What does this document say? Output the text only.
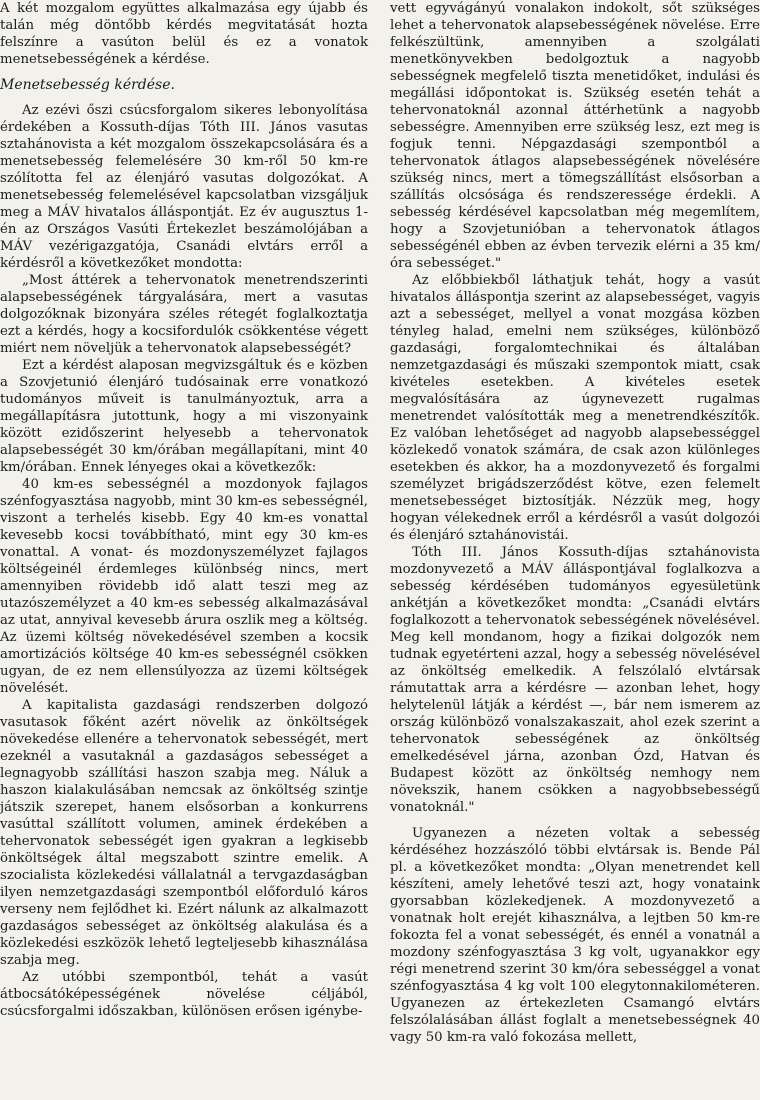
A két mozgalom együttes alkalmazása egy újabb és talán még döntőbb kérdés megvitatását hozta felszínre a vasúton belül és ez a vonatok menetsebességének a kérdése.

Menetsebesség kérdése.

Az ezévi őszi csúcsforgalom sikeres lebonyolítása érdekében a Kossuth-díjas Tóth III. János vasutas sztahánovista a két mozgalom összekapcsolására és a menetsebesség felemelésére 30 km-ről 50 km-re szólította fel az élenjáró vasutas dolgozókat. A menetsebesség felemelésével kapcsolatban vizsgáljuk meg a MÁV hivatalos álláspontját. Ez év augusztus 1-én az Országos Vasúti Értekezlet beszámolójában a MÁV vezérigazgatója, Csanádi elvtárs erről a kérdésről a következőket mondotta:

„Most áttérek a tehervonatok menetrendszerinti alapsebességének tárgyalására, mert a vasutas dolgozóknak bizonyára széles rétegét foglalkoztatja ezt a kérdés, hogy a kocsifordulók csökkentése végett miért nem növeljük a tehervonatok alapsebességét?

Ezt a kérdést alaposan megvizsgáltuk és e közben a Szovjetunió élenjáró tudósainak erre vonatkozó tudományos műveit is tanulmányoztuk, arra a megállapításra jutottunk, hogy a mi viszonyaink között ezidőszerint helyesebb a tehervonatok alapsebességét 30 km/órában megállapítani, mint 40 km/órában. Ennek lényeges okai a következők:

40 km-es sebességnél a mozdonyok fajlagos szénfogyasztása nagyobb, mint 30 km-es sebességnél, viszont a terhelés kisebb. Egy 40 km-es vonattal kevesebb kocsi továbbítható, mint egy 30 km-es vonattal. A vonat- és mozdonyszemélyzet fajlagos költségeinél érdemleges különbség nincs, mert amennyiben rövidebb idő alatt teszi meg az utazószemélyzet a 40 km-es sebesség alkalmazásával az utat, annyival kevesebb árura oszlik meg a költség. Az üzemi költség növekedésével szemben a kocsik amortizációs költsége 40 km-es sebességnél csökken ugyan, de ez nem ellensúlyozza az üzemi költségek növelését.

A kapitalista gazdasági rendszerben dolgozó vasutasok főként azért növelik az önköltségek növekedése ellenére a tehervonatok sebességét, mert ezeknél a vasutaknál a gazdaságos sebességet a legnagyobb szállítási haszon szabja meg. Náluk a haszon kialakulásában nemcsak az önköltség szintje játszik szerepet, hanem elsősorban a konkurrens vasúttal szállított volumen, aminek érdekében a tehervonatok sebességét igen gyakran a legkisebb önköltségek által megszabott szintre emelik. A szocialista közlekedési vállalatnál a tervgazdaságban ilyen nemzetgazdasági szempontból előforduló káros verseny nem fejlődhet ki. Ezért nálunk az alkalmazott gazdaságos sebességet az önköltség alakulása és a közlekedési eszközök lehető legteljesebb kihasználása szabja meg.

Az utóbbi szempontból, tehát a vasút átbocsátóképességének növelése céljából, csúcsforgalmi időszakban, különösen erősen igénybe-

vett egyvágányú vonalakon indokolt, sőt szükséges lehet a tehervonatok alapsebességének növelése. Erre felkészültünk, amennyiben a szolgálati menetkönyvekben bedolgoztuk a nagyobb sebességnek megfelelő tiszta menetidőket, indulási és megállási időpontokat is. Szükség esetén tehát a tehervonatoknál azonnal áttérhetünk a nagyobb sebességre. Amennyiben erre szükség lesz, ezt meg is fogjuk tenni. Népgazdasági szempontból a tehervonatok átlagos alapsebességének növelésére szükség nincs, mert a tömegszállítást elsősorban a szállítás olcsósága és rendszeressége érdekli. A sebesség kérdésével kapcsolatban még megemlítem, hogy a Szovjetunióban a tehervonatok átlagos sebességénél ebben az évben tervezik elérni a 35 km/óra sebességet."

Az előbbiekből láthatjuk tehát, hogy a vasút hivatalos álláspontja szerint az alapsebességet, vagyis azt a sebességet, mellyel a vonat mozgása közben tényleg halad, emelni nem szükséges, különböző gazdasági, forgalomtechnikai és általában nemzetgazdasági és műszaki szempontok miatt, csak kivételes esetekben. A kivételes esetek megvalósítására az úgynevezett rugalmas menetrendet valósították meg a menetrendkészítők. Ez valóban lehetőséget ad nagyobb alapsebességgel közlekedő vonatok számára, de csak azon különleges esetekben és akkor, ha a mozdonyvezető és forgalmi személyzet brigádszerződést kötve, ezen felemelt menetsebességet biztosítják. Nézzük meg, hogy hogyan vélekednek erről a kérdésről a vasút dolgozói és élenjáró sztahánovistái.

Tóth III. János Kossuth-díjas sztahánovista mozdonyvezető a MÁV álláspontjával foglalkozva a sebesség kérdésében tudományos egyesületünk ankétján a következőket mondta: „Csanádi elvtárs foglalkozott a tehervonatok sebességének növelésével. Meg kell mondanom, hogy a fizikai dolgozók nem tudnak egyetérteni azzal, hogy a sebesség növelésével az önköltség emelkedik. A felszólaló elvtársak rámutattak arra a kérdésre — azonban lehet, hogy helytelenül látják a kérdést —, bár nem ismerem az ország különböző vonalszakaszait, ahol ezek szerint a tehervonatok sebességének az önköltség emelkedésével járna, azonban Ózd, Hatvan és Budapest között az önköltség nemhogy nem növekszik, hanem csökken a nagyobbsebességű vonatoknál."

Ugyanezen a nézeten voltak a sebesség kérdéséhez hozzászóló többi elvtársak is. Bende Pál pl. a következőket mondta: „Olyan menetrendet kell készíteni, amely lehetővé teszi azt, hogy vonataink gyorsabban közlekedjenek. A mozdonyvezető a vonatnak holt erejét kihasználva, a lejtben 50 km-re fokozta fel a vonat sebességét, és ennél a vonatnál a mozdony szénfogyasztása 3 kg volt, ugyanakkor egy régi menetrend szerint 30 km/óra sebességgel a vonat szénfogyasztása 4 kg volt 100 elegytonnakilométeren. Ugyanezen az értekezleten Csamangó elvtárs felszólalásában állást foglalt a menetsebességnek 40 vagy 50 km-ra való fokozása mellett,
